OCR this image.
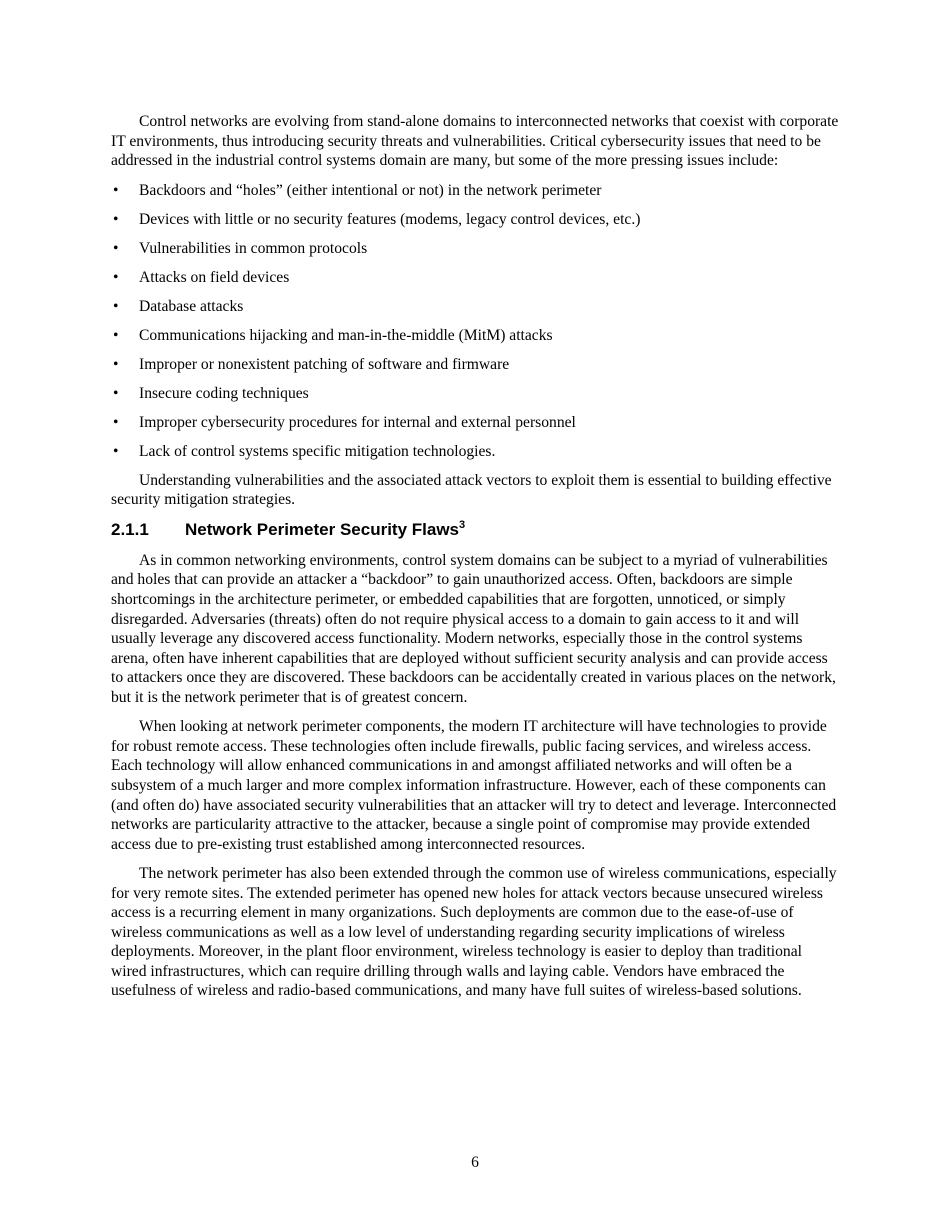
Control networks are evolving from stand-alone domains to interconnected networks that coexist with corporate IT environments, thus introducing security threats and vulnerabilities. Critical cybersecurity issues that need to be addressed in the industrial control systems domain are many, but some of the more pressing issues include:

• Backdoors and “holes” (either intentional or not) in the network perimeter
• Devices with little or no security features (modems, legacy control devices, etc.)
• Vulnerabilities in common protocols
• Attacks on field devices
• Database attacks
• Communications hijacking and man-in-the-middle (MitM) attacks
• Improper or nonexistent patching of software and firmware
• Insecure coding techniques
• Improper cybersecurity procedures for internal and external personnel
• Lack of control systems specific mitigation technologies.

Understanding vulnerabilities and the associated attack vectors to exploit them is essential to building effective security mitigation strategies.

2.1.1	Network Perimeter Security Flaws$^3$

As in common networking environments, control system domains can be subject to a myriad of vulnerabilities and holes that can provide an attacker a “backdoor” to gain unauthorized access. Often, backdoors are simple shortcomings in the architecture perimeter, or embedded capabilities that are forgotten, unnoticed, or simply disregarded. Adversaries (threats) often do not require physical access to a domain to gain access to it and will usually leverage any discovered access functionality. Modern networks, especially those in the control systems arena, often have inherent capabilities that are deployed without sufficient security analysis and can provide access to attackers once they are discovered. These backdoors can be accidentally created in various places on the network, but it is the network perimeter that is of greatest concern.

When looking at network perimeter components, the modern IT architecture will have technologies to provide for robust remote access. These technologies often include firewalls, public facing services, and wireless access. Each technology will allow enhanced communications in and amongst affiliated networks and will often be a subsystem of a much larger and more complex information infrastructure. However, each of these components can (and often do) have associated security vulnerabilities that an attacker will try to detect and leverage. Interconnected networks are particularity attractive to the attacker, because a single point of compromise may provide extended access due to pre-existing trust established among interconnected resources.

The network perimeter has also been extended through the common use of wireless communications, especially for very remote sites. The extended perimeter has opened new holes for attack vectors because unsecured wireless access is a recurring element in many organizations. Such deployments are common due to the ease-of-use of wireless communications as well as a low level of understanding regarding security implications of wireless deployments. Moreover, in the plant floor environment, wireless technology is easier to deploy than traditional wired infrastructures, which can require drilling through walls and laying cable. Vendors have embraced the usefulness of wireless and radio-based communications, and many have full suites of wireless-based solutions.

6
